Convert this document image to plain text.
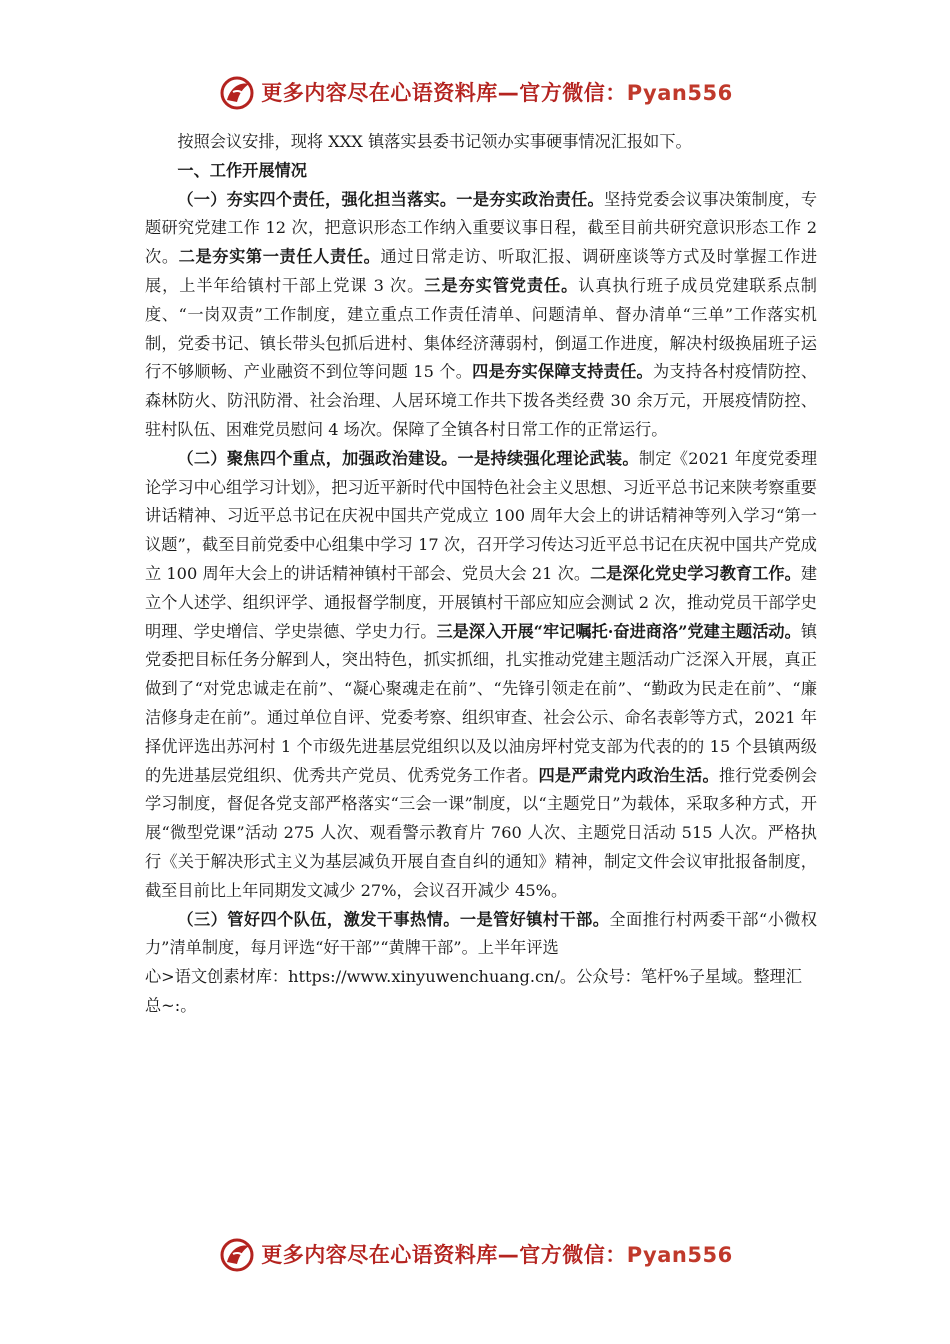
更多内容尽在心语资料库—官方微信：Pyan556

按照会议安排，现将 XXX 镇落实县委书记领办实事硬事情况汇报如下。

一、工作开展情况

（一）夯实四个责任，强化担当落实。一是夯实政治责任。坚持党委会议事决策制度，专题研究党建工作 12 次，把意识形态工作纳入重要议事日程，截至目前共研究意识形态工作 2 次。二是夯实第一责任人责任。通过日常走访、听取汇报、调研座谈等方式及时掌握工作进展，上半年给镇村干部上党课 3 次。三是夯实管党责任。认真执行班子成员党建联系点制度、“一岗双责”工作制度，建立重点工作责任清单、问题清单、督办清单“三单”工作落实机制，党委书记、镇长带头包抓后进村、集体经济薄弱村，倒逼工作进度，解决村级换届班子运行不够顺畅、产业融资不到位等问题 15 个。四是夯实保障支持责任。为支持各村疫情防控、森林防火、防汛防滑、社会治理、人居环境工作共下拨各类经费 30 余万元，开展疫情防控、驻村队伍、困难党员慰问 4 场次。保障了全镇各村日常工作的正常运行。

（二）聚焦四个重点，加强政治建设。一是持续强化理论武装。制定《2021 年度党委理论学习中心组学习计划》，把习近平新时代中国特色社会主义思想、习近平总书记来陕考察重要讲话精神、习近平总书记在庆祝中国共产党成立 100 周年大会上的讲话精神等列入学习“第一议题”，截至目前党委中心组集中学习 17 次，召开学习传达习近平总书记在庆祝中国共产党成立 100 周年大会上的讲话精神镇村干部会、党员大会 21 次。二是深化党史学习教育工作。建立个人述学、组织评学、通报督学制度，开展镇村干部应知应会测试 2 次，推动党员干部学史明理、学史增信、学史崇德、学史力行。三是深入开展“牢记嘱托·奋进商洛”党建主题活动。镇党委把目标任务分解到人，突出特色，抓实抓细，扎实推动党建主题活动广泛深入开展，真正做到了“对党忠诚走在前”、“凝心聚魂走在前”、“先锋引领走在前”、“勤政为民走在前”、“廉洁修身走在前”。通过单位自评、党委考察、组织审查、社会公示、命名表彰等方式，2021 年择优评选出苏河村 1 个市级先进基层党组织以及以油房坪村党支部为代表的的 15 个县镇两级的先进基层党组织、优秀共产党员、优秀党务工作者。四是严肃党内政治生活。推行党委例会学习制度，督促各党支部严格落实“三会一课”制度，以“主题党日”为载体，采取多种方式，开展“微型党课”活动 275 人次、观看警示教育片 760 人次、主题党日活动 515 人次。严格执行《关于解决形式主义为基层减负开展自查自纠的通知》精神，制定文件会议审批报备制度，截至目前比上年同期发文减少 27%，会议召开减少 45%。

（三）管好四个队伍，激发干事热情。一是管好镇村干部。全面推行村两委干部“小微权力”清单制度，每月评选“好干部”“黄牌干部”。上半年评选

心>语文创素材库：https://www.xinyuwenchuang.cn/。公众号：笔杆%子星域。整理汇总~:。

更多内容尽在心语资料库—官方微信：Pyan556
